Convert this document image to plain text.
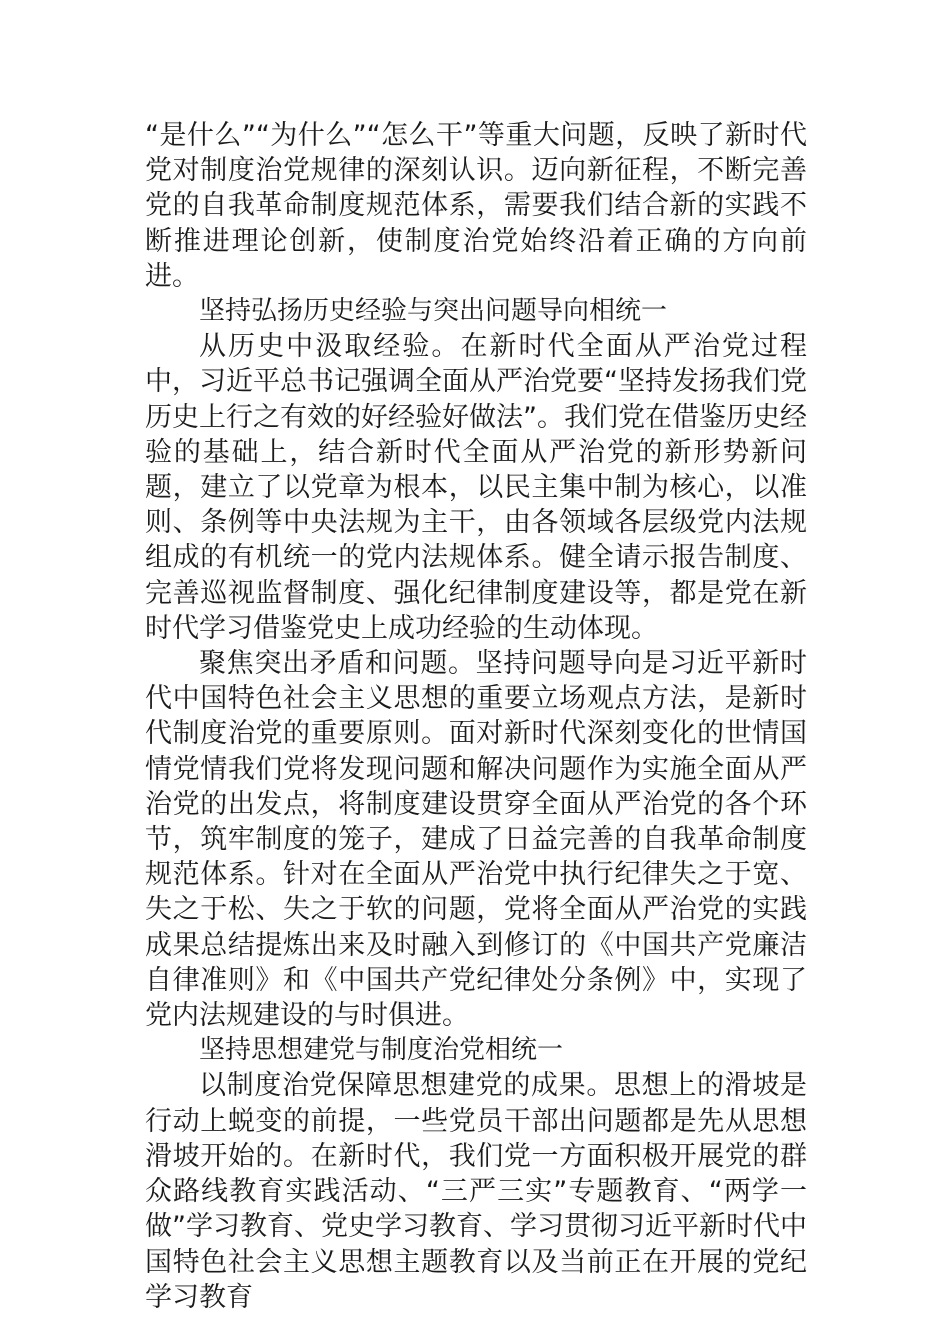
“是什么”“为什么”“怎么干”等重大问题，反映了新时代党对制度治党规律的深刻认识。迈向新征程，不断完善党的自我革命制度规范体系，需要我们结合新的实践不断推进理论创新，使制度治党始终沿着正确的方向前进。

坚持弘扬历史经验与突出问题导向相统一

从历史中汲取经验。在新时代全面从严治党过程中，习近平总书记强调全面从严治党要“坚持发扬我们党历史上行之有效的好经验好做法”。我们党在借鉴历史经验的基础上，结合新时代全面从严治党的新形势新问题，建立了以党章为根本，以民主集中制为核心，以准则、条例等中央法规为主干，由各领域各层级党内法规组成的有机统一的党内法规体系。健全请示报告制度、完善巡视监督制度、强化纪律制度建设等，都是党在新时代学习借鉴党史上成功经验的生动体现。

聚焦突出矛盾和问题。坚持问题导向是习近平新时代中国特色社会主义思想的重要立场观点方法，是新时代制度治党的重要原则。面对新时代深刻变化的世情国情党情我们党将发现问题和解决问题作为实施全面从严治党的出发点，将制度建设贯穿全面从严治党的各个环节，筑牢制度的笼子，建成了日益完善的自我革命制度规范体系。针对在全面从严治党中执行纪律失之于宽、失之于松、失之于软的问题，党将全面从严治党的实践成果总结提炼出来及时融入到修订的《中国共产党廉洁自律准则》和《中国共产党纪律处分条例》中，实现了党内法规建设的与时俱进。

坚持思想建党与制度治党相统一

以制度治党保障思想建党的成果。思想上的滑坡是行动上蜕变的前提，一些党员干部出问题都是先从思想滑坡开始的。在新时代，我们党一方面积极开展党的群众路线教育实践活动、“三严三实”专题教育、“两学一做”学习教育、党史学习教育、学习贯彻习近平新时代中国特色社会主义思想主题教育以及当前正在开展的党纪学习教育
